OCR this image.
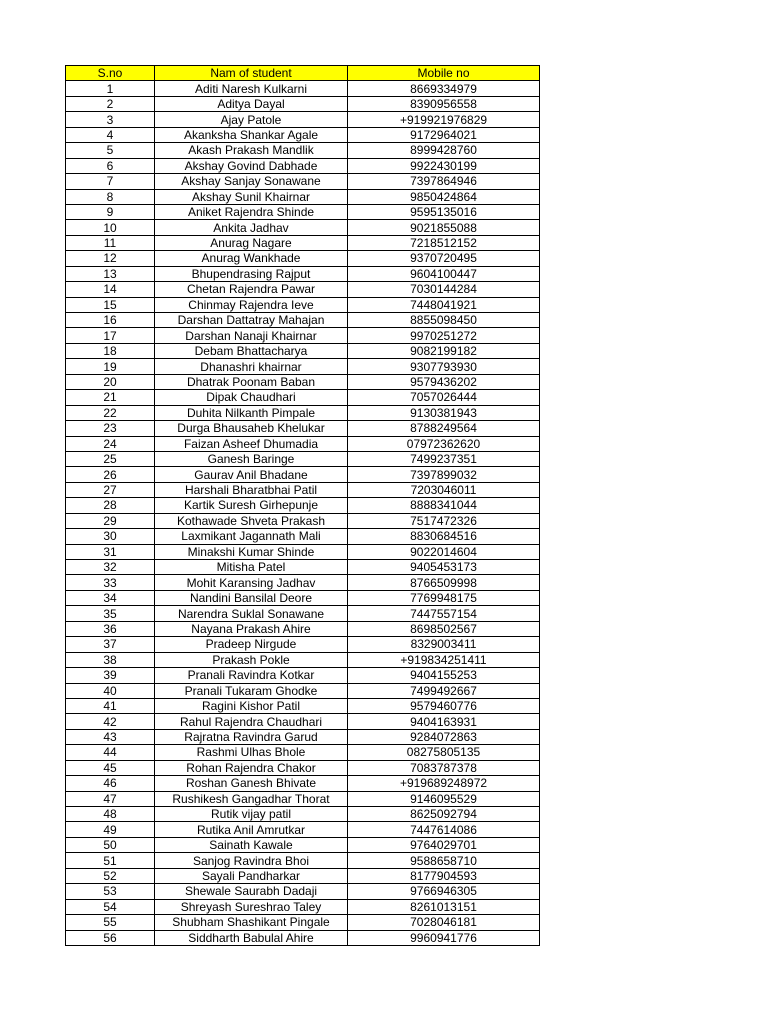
S.no	Nam of student	Mobile no
1	Aditi Naresh Kulkarni	8669334979
2	Aditya Dayal	8390956558
3	Ajay Patole	+919921976829
4	Akanksha Shankar Agale	9172964021
5	Akash Prakash Mandlik	8999428760
6	Akshay Govind Dabhade	9922430199
7	Akshay Sanjay Sonawane	7397864946
8	Akshay Sunil Khairnar	9850424864
9	Aniket Rajendra Shinde	9595135016
10	Ankita Jadhav	9021855088
11	Anurag Nagare	7218512152
12	Anurag Wankhade	9370720495
13	Bhupendrasing Rajput	9604100447
14	Chetan Rajendra Pawar	7030144284
15	Chinmay Rajendra Ieve	7448041921
16	Darshan Dattatray Mahajan	8855098450
17	Darshan Nanaji Khairnar	9970251272
18	Debam Bhattacharya	9082199182
19	Dhanashri khairnar	9307793930
20	Dhatrak Poonam Baban	9579436202
21	Dipak Chaudhari	7057026444
22	Duhita Nilkanth Pimpale	9130381943
23	Durga Bhausaheb Khelukar	8788249564
24	Faizan Asheef Dhumadia	07972362620
25	Ganesh Baringe	7499237351
26	Gaurav Anil Bhadane	7397899032
27	Harshali Bharatbhai Patil	7203046011
28	Kartik Suresh Girhepunje	8888341044
29	Kothawade Shveta Prakash	7517472326
30	Laxmikant Jagannath Mali	8830684516
31	Minakshi Kumar Shinde	9022014604
32	Mitisha Patel	9405453173
33	Mohit Karansing Jadhav	8766509998
34	Nandini Bansilal Deore	7769948175
35	Narendra Suklal Sonawane	7447557154
36	Nayana Prakash Ahire	8698502567
37	Pradeep Nirgude	8329003411
38	Prakash Pokle	+919834251411
39	Pranali Ravindra Kotkar	9404155253
40	Pranali Tukaram Ghodke	7499492667
41	Ragini Kishor Patil	9579460776
42	Rahul Rajendra Chaudhari	9404163931
43	Rajratna Ravindra Garud	9284072863
44	Rashmi Ulhas Bhole	08275805135
45	Rohan Rajendra Chakor	7083787378
46	Roshan Ganesh Bhivate	+919689248972
47	Rushikesh Gangadhar Thorat	9146095529
48	Rutik vijay patil	8625092794
49	Rutika Anil Amrutkar	7447614086
50	Sainath Kawale	9764029701
51	Sanjog Ravindra Bhoi	9588658710
52	Sayali Pandharkar	8177904593
53	Shewale Saurabh Dadaji	9766946305
54	Shreyash Sureshrao Taley	8261013151
55	Shubham Shashikant Pingale	7028046181
56	Siddharth Babulal Ahire	9960941776
